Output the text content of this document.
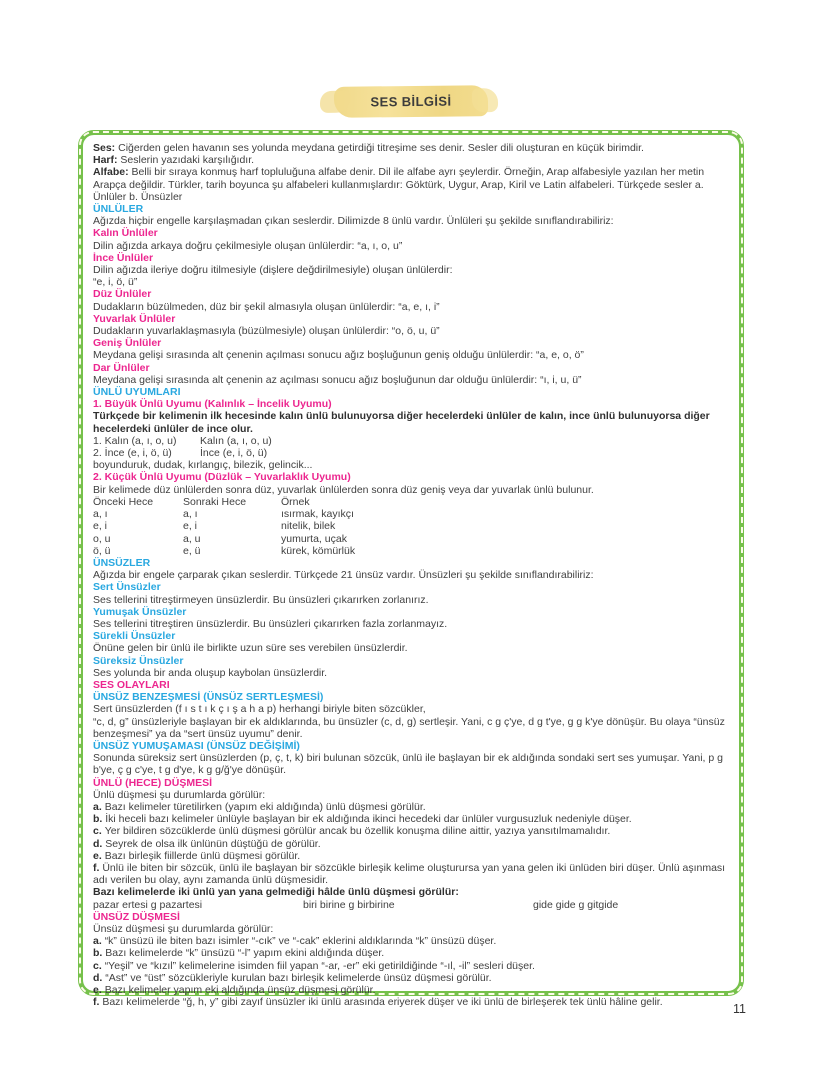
SES BİLGİSİ

Ses: Ciğerden gelen havanın ses yolunda meydana getirdiği titreşime ses denir. Sesler dili oluşturan en küçük birimdir.

Harf: Seslerin yazıdaki karşılığıdır.

Alfabe: Belli bir sıraya konmuş harf topluluğuna alfabe denir. Dil ile alfabe ayrı şeylerdir. Örneğin, Arap alfabesiyle yazılan her metin Arapça değildir. Türkler, tarih boyunca şu alfabeleri kullanmışlardır: Göktürk, Uygur, Arap, Kiril ve Latin alfabeleri. Türkçede sesler a. Ünlüler b. Ünsüzler

ÜNLÜLER

Ağızda hiçbir engelle karşılaşmadan çıkan seslerdir. Dilimizde 8 ünlü vardır. Ünlüleri şu şekilde sınıflandırabiliriz:

Kalın Ünlüler

Dilin ağızda arkaya doğru çekilmesiyle oluşan ünlülerdir: “a, ı, o, u”

İnce Ünlüler

Dilin ağızda ileriye doğru itilmesiyle (dişlere değdirilmesiyle) oluşan ünlülerdir:

“e, i, ö, ü”

Düz Ünlüler

Dudakların büzülmeden, düz bir şekil almasıyla oluşan ünlülerdir: “a, e, ı, i”

Yuvarlak Ünlüler

Dudakların yuvarlaklaşmasıyla (büzülmesiyle) oluşan ünlülerdir: “o, ö, u, ü”

Geniş Ünlüler

Meydana gelişi sırasında alt çenenin açılması sonucu ağız boşluğunun geniş olduğu ünlülerdir: “a, e, o, ö”

Dar Ünlüler

Meydana gelişi sırasında alt çenenin az açılması sonucu ağız boşluğunun dar olduğu ünlülerdir: “ı, i, u, ü”

ÜNLÜ UYUMLARI

1. Büyük Ünlü Uyumu (Kalınlık – İncelik Uyumu)

Türkçede bir kelimenin ilk hecesinde kalın ünlü bulunuyorsa diğer hecelerdeki ünlüler de kalın, ince ünlü bulunuyorsa diğer hecelerdeki ünlüler de ince olur.

1. Kalın (a, ı, o, u)	Kalın (a, ı, o, u)
2. İnce (e, i, ö, ü)	İnce (e, i, ö, ü)

boyunduruk, dudak, kırlangıç, bilezik, gelincik...

2. Küçük Ünlü Uyumu (Düzlük – Yuvarlaklık Uyumu)

Bir kelimede düz ünlülerden sonra düz, yuvarlak ünlülerden sonra düz geniş veya dar yuvarlak ünlü bulunur.

Önceki Hece	Sonraki Hece	Örnek
a, ı	a, ı	ısırmak, kayıkçı
e, i	e, i	nitelik, bilek
o, u	a, u	yumurta, uçak
ö, ü	e, ü	kürek, kömürlük

ÜNSÜZLER

Ağızda bir engele çarparak çıkan seslerdir. Türkçede 21 ünsüz vardır. Ünsüzleri şu şekilde sınıflandırabiliriz:

Sert Ünsüzler

Ses tellerini titreştirmeyen ünsüzlerdir. Bu ünsüzleri çıkarırken zorlanırız.

Yumuşak Ünsüzler

Ses tellerini titreştiren ünsüzlerdir. Bu ünsüzleri çıkarırken fazla zorlanmayız.

Sürekli Ünsüzler

Önüne gelen bir ünlü ile birlikte uzun süre ses verebilen ünsüzlerdir.

Süreksiz Ünsüzler

Ses yolunda bir anda oluşup kaybolan ünsüzlerdir.

SES OLAYLARI

ÜNSÜZ BENZEŞMESİ (ÜNSÜZ SERTLEŞMESİ)

Sert ünsüzlerden (f ı s t ı k ç ı ş a h a p) herhangi biriyle biten sözcükler,

“c, d, g” ünsüzleriyle başlayan bir ek aldıklarında, bu ünsüzler (c, d, g) sertleşir. Yani, c g ç'ye, d g t'ye, g g k'ye dönüşür. Bu olaya “ünsüz benzeşmesi” ya da “sert ünsüz uyumu” denir.

ÜNSÜZ YUMUŞAMASI (ÜNSÜZ DEĞİŞİMİ)

Sonunda süreksiz sert ünsüzlerden (p, ç, t, k) biri bulunan sözcük, ünlü ile başlayan bir ek aldığında sondaki sert ses yumuşar. Yani, p g b'ye, ç g c'ye, t g d'ye, k g g/ğ'ye dönüşür.

ÜNLÜ (HECE) DÜŞMESİ

Ünlü düşmesi şu durumlarda görülür:

a. Bazı kelimeler türetilirken (yapım eki aldığında) ünlü düşmesi görülür.

b. İki heceli bazı kelimeler ünlüyle başlayan bir ek aldığında ikinci hecedeki dar ünlüler vurgusuzluk nedeniyle düşer.

c. Yer bildiren sözcüklerde ünlü düşmesi görülür ancak bu özellik konuşma diline aittir, yazıya yansıtılmamalıdır.

d. Seyrek de olsa ilk ünlünün düştüğü de görülür.

e. Bazı birleşik fiillerde ünlü düşmesi görülür.

f. Ünlü ile biten bir sözcük, ünlü ile başlayan bir sözcükle birleşik kelime oluşturursa yan yana gelen iki ünlüden biri düşer. Ünlü aşınması adı verilen bu olay, aynı zamanda ünlü düşmesidir.

Bazı kelimelerde iki ünlü yan yana gelmediği hâlde ünlü düşmesi görülür:

pazar ertesi g pazartesi	biri birine g birbirine	gide gide g gitgide

ÜNSÜZ DÜŞMESİ

Ünsüz düşmesi şu durumlarda görülür:

a. “k” ünsüzü ile biten bazı isimler “-cık” ve “-cak” eklerini aldıklarında “k” ünsüzü düşer.

b. Bazı kelimelerde “k” ünsüzü “-l” yapım ekini aldığında düşer.

c. “Yeşil” ve “kızıl” kelimelerine isimden fiil yapan “-ar, -er” eki getirildiğinde “-ıl, -il” sesleri düşer.

d. “Ast” ve “üst” sözcükleriyle kurulan bazı birleşik kelimelerde ünsüz düşmesi görülür.

e. Bazı kelimeler yapım eki aldığında ünsüz düşmesi görülür.

f. Bazı kelimelerde “ğ, h, y” gibi zayıf ünsüzler iki ünlü arasında eriyerek düşer ve iki ünlü de birleşerek tek ünlü hâline gelir.	11
